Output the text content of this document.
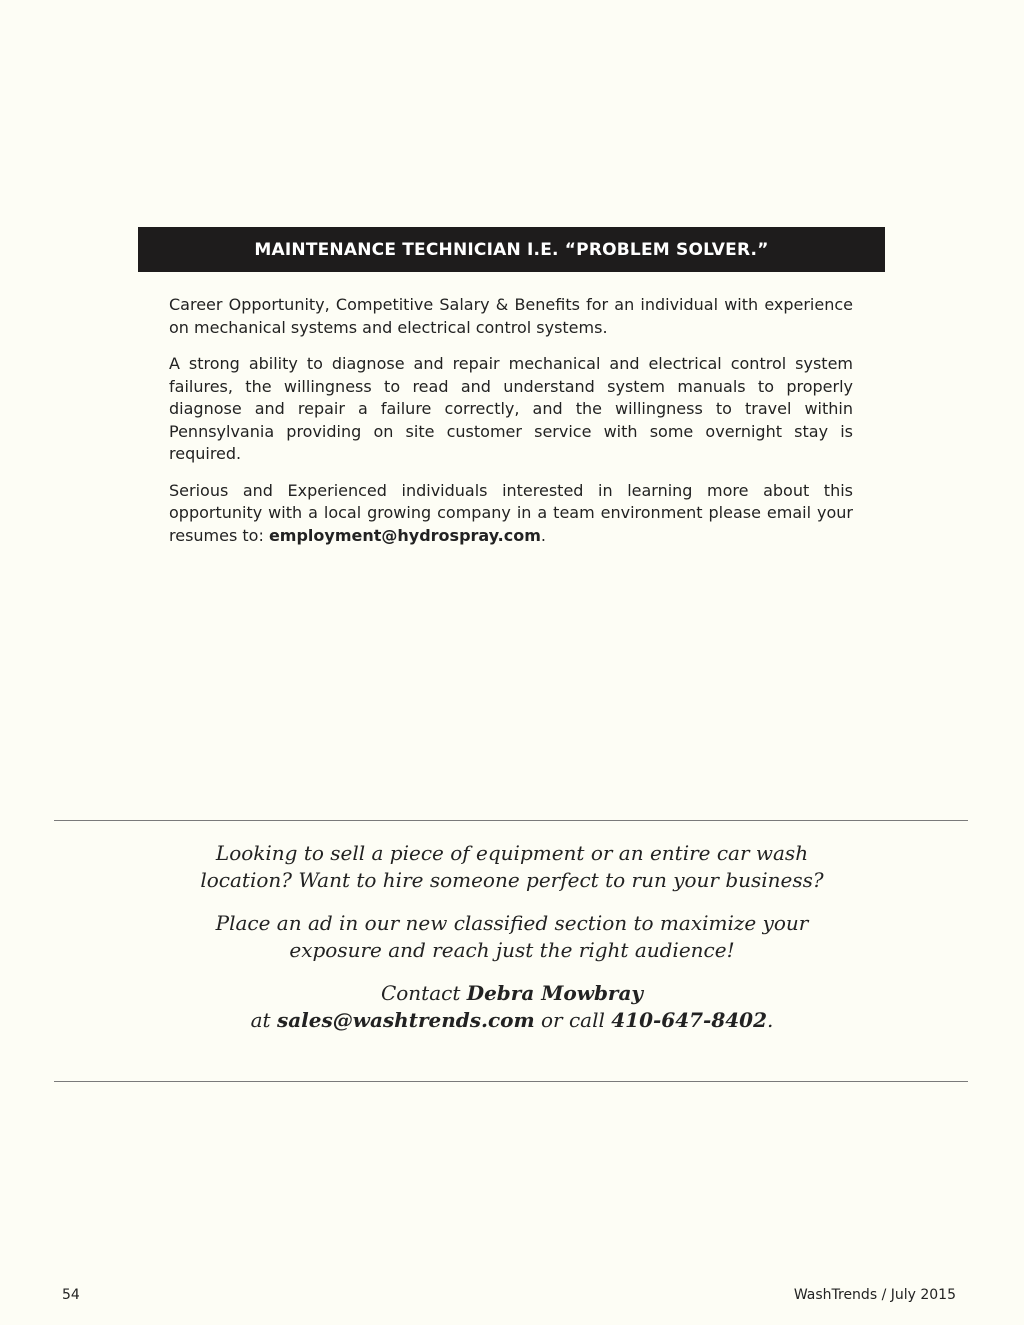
MAINTENANCE TECHNICIAN I.E. “PROBLEM SOLVER.”

Career Opportunity, Competitive Salary & Benefits for an individual with experience on mechanical systems and electrical control systems.

A strong ability to diagnose and repair mechanical and electrical control system failures, the willingness to read and understand system manuals to properly diagnose and repair a failure correctly, and the willingness to travel within Pennsylvania providing on site customer service with some overnight stay is required.

Serious and Experienced individuals interested in learning more about this opportunity with a local growing company in a team environment please email your resumes to: employment@hydrospray.com.

Looking to sell a piece of equipment or an entire car wash location? Want to hire someone perfect to run your business?

Place an ad in our new classified section to maximize your exposure and reach just the right audience!

Contact Debra Mowbray
at sales@washtrends.com or call 410-647-8402.

54	WashTrends / July 2015
